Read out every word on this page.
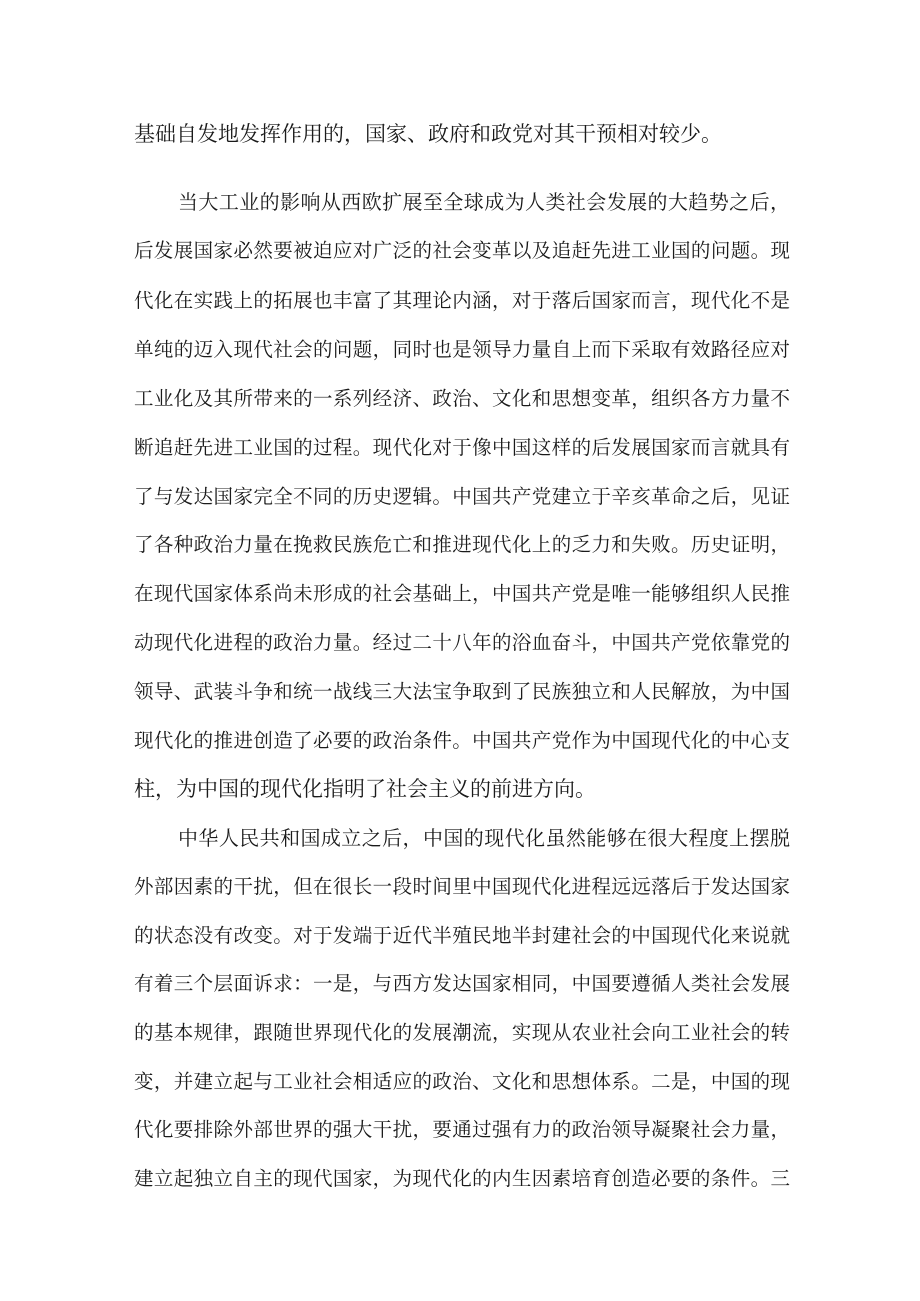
基础自发地发挥作用的，国家、政府和政党对其干预相对较少。
当大工业的影响从西欧扩展至全球成为人类社会发展的大趋势之后，
后发展国家必然要被迫应对广泛的社会变革以及追赶先进工业国的问题。现
代化在实践上的拓展也丰富了其理论内涵，对于落后国家而言，现代化不是
单纯的迈入现代社会的问题，同时也是领导力量自上而下采取有效路径应对
工业化及其所带来的一系列经济、政治、文化和思想变革，组织各方力量不
断追赶先进工业国的过程。现代化对于像中国这样的后发展国家而言就具有
了与发达国家完全不同的历史逻辑。中国共产党建立于辛亥革命之后，见证
了各种政治力量在挽救民族危亡和推进现代化上的乏力和失败。历史证明，
在现代国家体系尚未形成的社会基础上，中国共产党是唯一能够组织人民推
动现代化进程的政治力量。经过二十八年的浴血奋斗，中国共产党依靠党的
领导、武装斗争和统一战线三大法宝争取到了民族独立和人民解放，为中国
现代化的推进创造了必要的政治条件。中国共产党作为中国现代化的中心支
柱，为中国的现代化指明了社会主义的前进方向。
中华人民共和国成立之后，中国的现代化虽然能够在很大程度上摆脱
外部因素的干扰，但在很长一段时间里中国现代化进程远远落后于发达国家
的状态没有改变。对于发端于近代半殖民地半封建社会的中国现代化来说就
有着三个层面诉求：一是，与西方发达国家相同，中国要遵循人类社会发展
的基本规律，跟随世界现代化的发展潮流，实现从农业社会向工业社会的转
变，并建立起与工业社会相适应的政治、文化和思想体系。二是，中国的现
代化要排除外部世界的强大干扰，要通过强有力的政治领导凝聚社会力量，
建立起独立自主的现代国家，为现代化的内生因素培育创造必要的条件。三
